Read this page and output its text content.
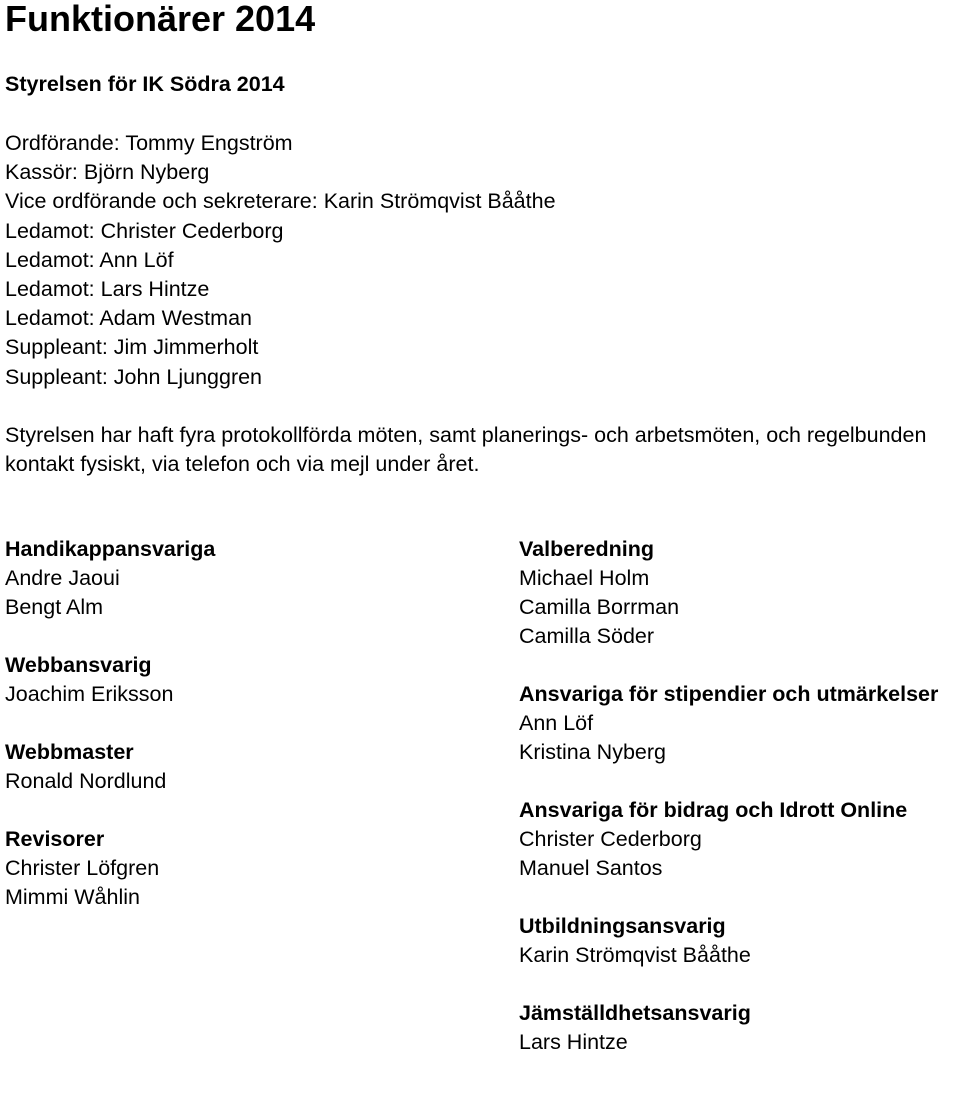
Funktionärer 2014
Styrelsen för IK Södra 2014
Ordförande: Tommy Engström
Kassör: Björn Nyberg
Vice ordförande och sekreterare: Karin Strömqvist Bååthe
Ledamot: Christer Cederborg
Ledamot: Ann Löf
Ledamot: Lars Hintze
Ledamot: Adam Westman
Suppleant: Jim Jimmerholt
Suppleant: John Ljunggren

Styrelsen har haft fyra protokollförda möten, samt planerings- och arbetsmöten, och regelbunden kontakt fysiskt, via telefon och via mejl under året.

Handikappansvariga
Andre Jaoui
Bengt Alm
Webbansvarig
Joachim Eriksson
Webbmaster
Ronald Nordlund
Revisorer
Christer Löfgren
Mimmi Wåhlin
Valberedning
Michael Holm
Camilla Borrman
Camilla Söder
Ansvariga för stipendier och utmärkelser
Ann Löf
Kristina Nyberg
Ansvariga för bidrag och Idrott Online
Christer Cederborg
Manuel Santos
Utbildningsansvarig
Karin Strömqvist Bååthe
Jämställdhetsansvarig
Lars Hintze
